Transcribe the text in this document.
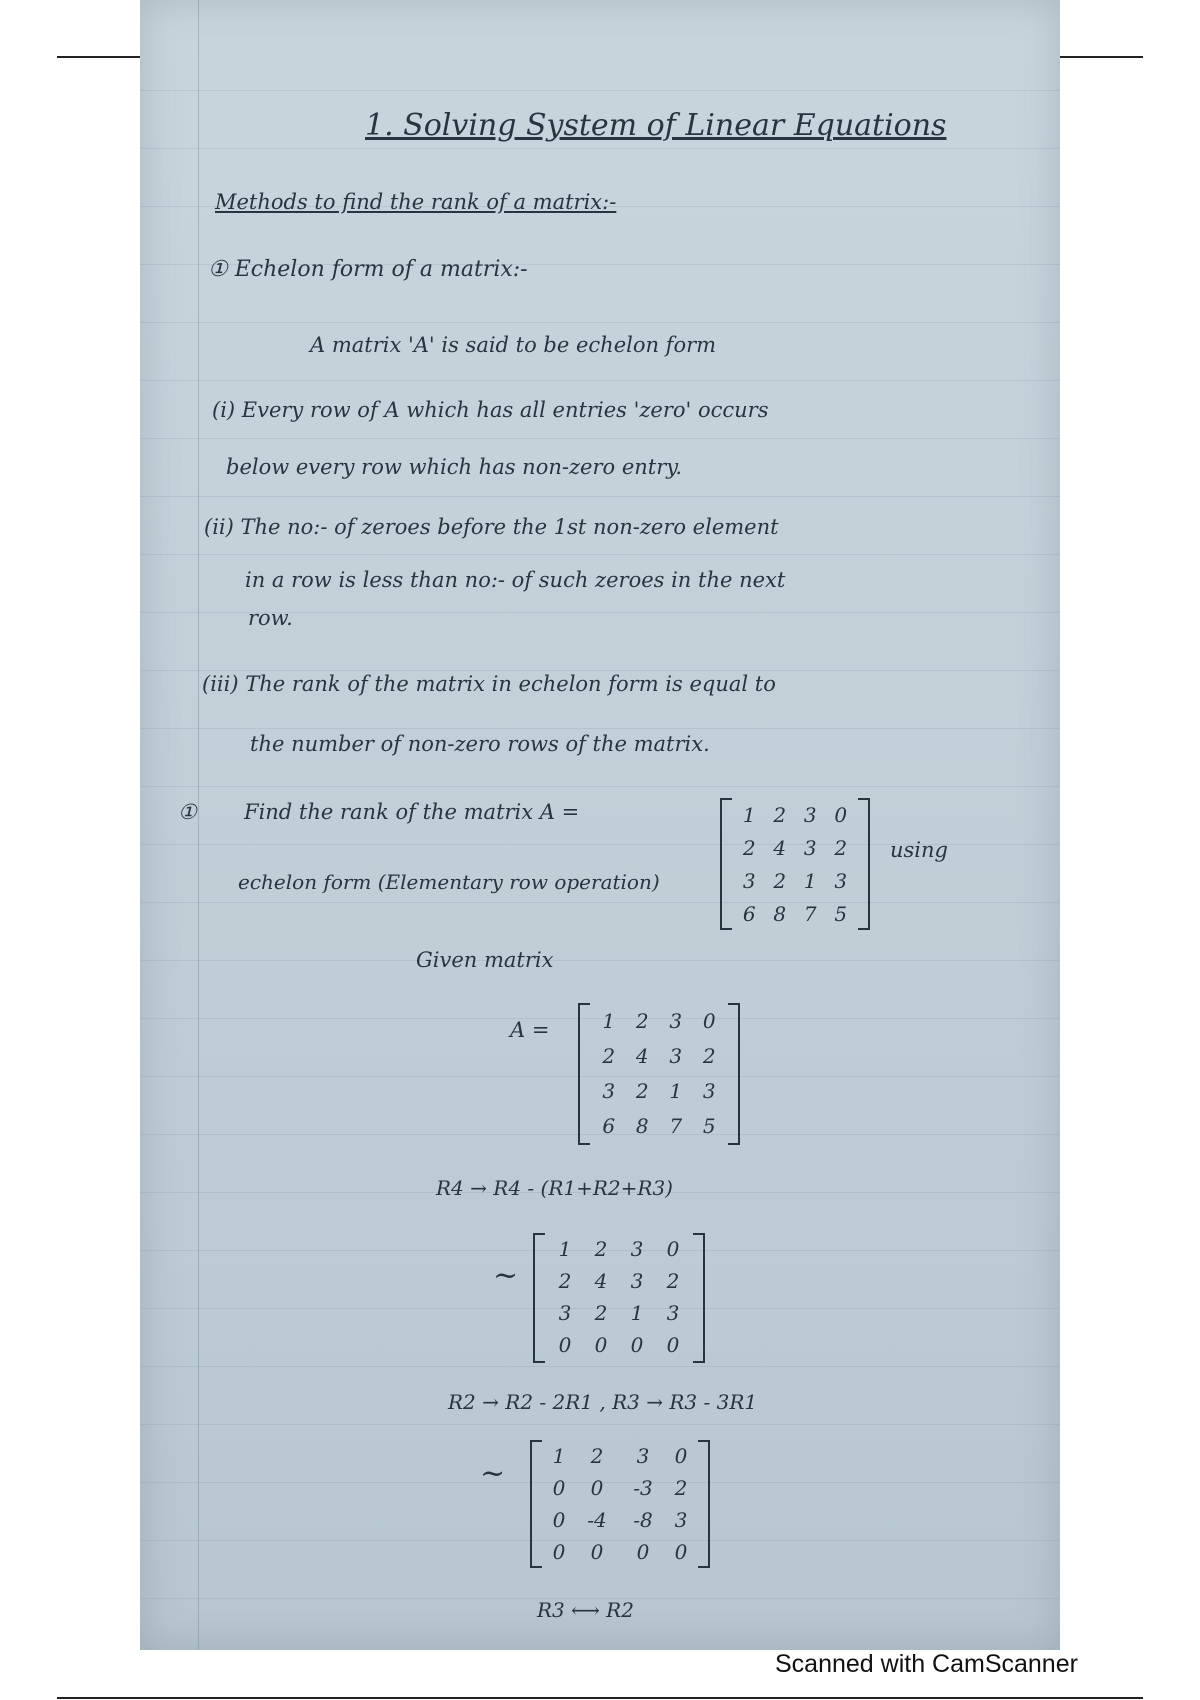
1. Solving System of Linear Equations
Methods to find the rank of a matrix:-
① Echelon form of a matrix:-
A matrix 'A' is said to be echelon form
(i) Every row of A which has all entries 'zero' occurs
below every row which has non-zero entry.
(ii) The no:- of zeroes before the 1st non-zero element
in a row is less than no:- of such zeroes in the next
row.
(iii) The rank of the matrix in echelon form is equal to
the number of non-zero rows of the matrix.
① Find the rank of the matrix A =	1	2	3	0
2	4	3	2
3	2	1	3
6	8	7	5
using
echelon form (Elementary row operation)
Given matrix
A =	1	2	3	0
2	4	3	2
3	2	1	3
6	8	7	5
R4 → R4 - (R1+R2+R3)
~
1	2	3	0
2	4	3	2
3	2	1	3
0	0	0	0
R2 → R2 - 2R1 , R3 → R3 - 3R1
~ 1	2	3	0
0	0	-3	2
0	-4	-8	3
0	0	0	0
R3 ⟷ R2
Scanned with CamScanner
